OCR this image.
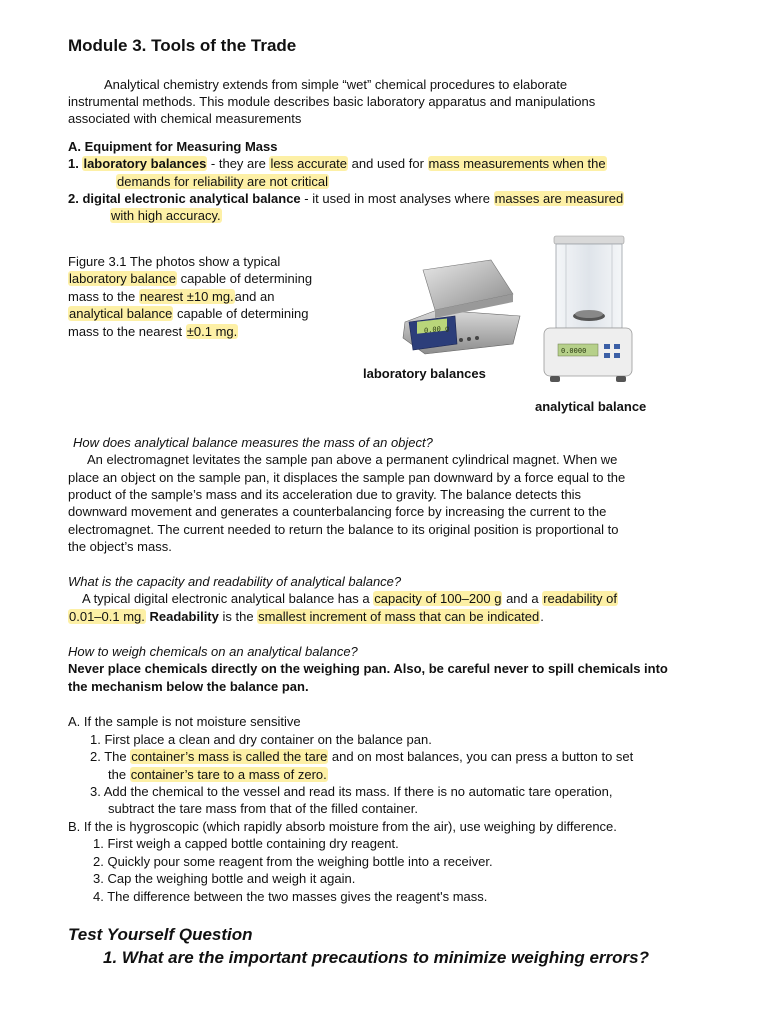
Module 3. Tools of the Trade
Analytical chemistry extends from simple “wet” chemical procedures to elaborate
instrumental methods. This module describes basic laboratory apparatus and manipulations
associated with chemical measurements
A. Equipment for Measuring Mass
1. laboratory balances - they are less accurate and used for mass measurements when the
demands for reliability are not critical
2. digital electronic analytical balance - it used in most analyses where masses are measured
with high accuracy.
Figure 3.1 The photos show a typical
laboratory balance capable of determining
mass to the nearest ±10 mg.and an
analytical balance capable of determining
mass to the nearest ±0.1 mg.	0.00 g
0.0000
laboratory balances
analytical balance
How does analytical balance measures the mass of an object?
An electromagnet levitates the sample pan above a permanent cylindrical magnet. When we
place an object on the sample pan, it displaces the sample pan downward by a force equal to the
product of the sample’s mass and its acceleration due to gravity. The balance detects this
downward movement and generates a counterbalancing force by increasing the current to the
electromagnet. The current needed to return the balance to its original position is proportional to
the object’s mass.
What is the capacity and readability of analytical balance?
A typical digital electronic analytical balance has a capacity of 100–200 g and a readability of
0.01–0.1 mg. Readability is the smallest increment of mass that can be indicated.
How to weigh chemicals on an analytical balance?
Never place chemicals directly on the weighing pan. Also, be careful never to spill chemicals into
the mechanism below the balance pan.
A. If the sample is not moisture sensitive
1. First place a clean and dry container on the balance pan.
2. The container’s mass is called the tare and on most balances, you can press a button to set
the container’s tare to a mass of zero.
3. Add the chemical to the vessel and read its mass. If there is no automatic tare operation,
subtract the tare mass from that of the filled container.
B. If the is hygroscopic (which rapidly absorb moisture from the air), use weighing by difference.
1. First weigh a capped bottle containing dry reagent.
2. Quickly pour some reagent from the weighing bottle into a receiver.
3. Cap the weighing bottle and weigh it again.
4. The difference between the two masses gives the reagent's mass.
Test Yourself Question
1. What are the important precautions to minimize weighing errors?
